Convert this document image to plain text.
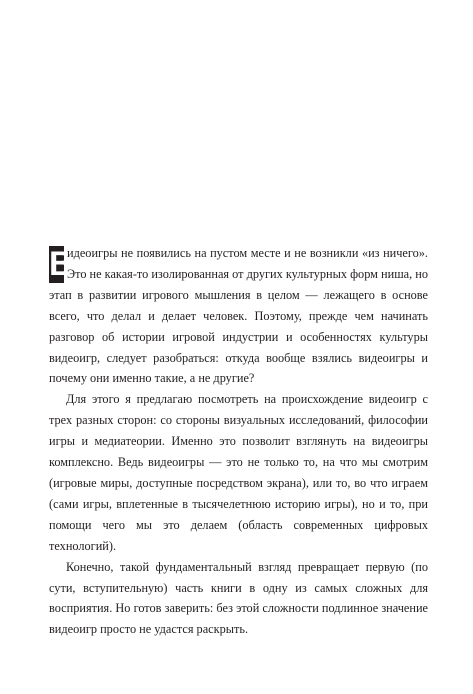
В
идеоигры не появились на пустом месте и не возникли «из ничего». Это не какая-то изолированная от других культурных форм ниша, но этап в развитии игрового мышления в целом — лежащего в основе всего, что делал и делает человек. Поэтому, прежде чем начинать разговор об истории игровой индустрии и особенностях культуры видеоигр, следует разобраться: откуда вообще взялись видеоигры и почему они именно такие, а не другие?

Для этого я предлагаю посмотреть на происхождение видеоигр с трех разных сторон: со стороны визуальных исследований, философии игры и медиатеории. Именно это позволит взглянуть на видеоигры комплексно. Ведь видеоигры — это не только то, на что мы смотрим (игровые миры, доступные посредством экрана), или то, во что играем (сами игры, вплетенные в тысячелетнюю историю игры), но и то, при помощи чего мы это делаем (область современных цифровых технологий).

Конечно, такой фундаментальный взгляд превращает первую (по сути, вступительную) часть книги в одну из самых сложных для восприятия. Но готов заверить: без этой сложности подлинное значение видеоигр просто не удастся раскрыть.
